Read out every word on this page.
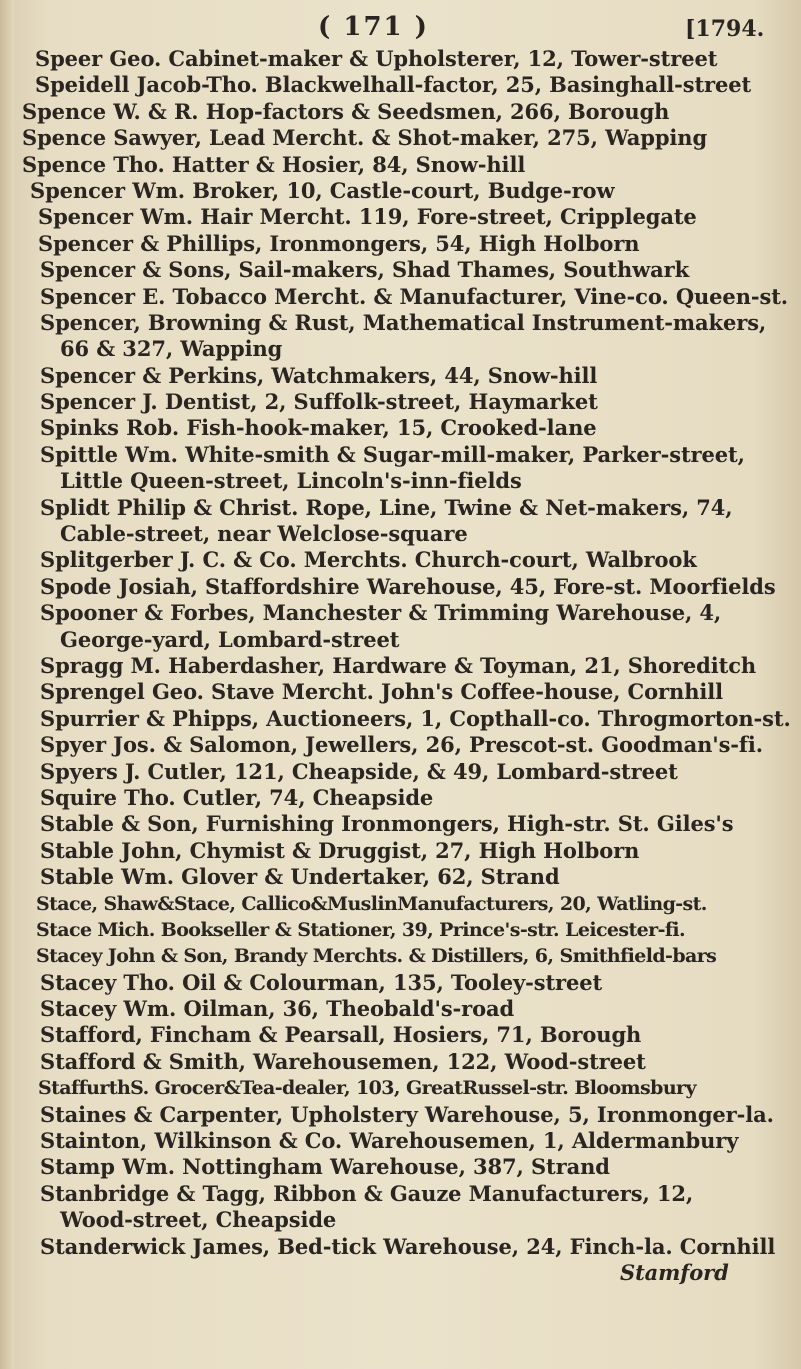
( 171 )	[1794.
Speer Geo. Cabinet-maker & Upholsterer, 12, Tower-street
Speidell Jacob-Tho. Blackwelhall-factor, 25, Basinghall-street
Spence W. & R. Hop-factors & Seedsmen, 266, Borough
Spence Sawyer, Lead Mercht. & Shot-maker, 275, Wapping
Spence Tho. Hatter & Hosier, 84, Snow-hill
Spencer Wm. Broker, 10, Castle-court, Budge-row
Spencer Wm. Hair Mercht. 119, Fore-street, Cripplegate
Spencer & Phillips, Ironmongers, 54, High Holborn
Spencer & Sons, Sail-makers, Shad Thames, Southwark
Spencer E. Tobacco Mercht. & Manufacturer, Vine-co. Queen-st.
Spencer, Browning & Rust, Mathematical Instrument-makers,
66 & 327, Wapping
Spencer & Perkins, Watchmakers, 44, Snow-hill
Spencer J. Dentist, 2, Suffolk-street, Haymarket
Spinks Rob. Fish-hook-maker, 15, Crooked-lane
Spittle Wm. White-smith & Sugar-mill-maker, Parker-street,
Little Queen-street, Lincoln's-inn-fields
Splidt Philip & Christ. Rope, Line, Twine & Net-makers, 74,
Cable-street, near Welclose-square
Splitgerber J. C. & Co. Merchts. Church-court, Walbrook
Spode Josiah, Staffordshire Warehouse, 45, Fore-st. Moorfields
Spooner & Forbes, Manchester & Trimming Warehouse, 4,
George-yard, Lombard-street
Spragg M. Haberdasher, Hardware & Toyman, 21, Shoreditch
Sprengel Geo. Stave Mercht. John's Coffee-house, Cornhill
Spurrier & Phipps, Auctioneers, 1, Copthall-co. Throgmorton-st.
Spyer Jos. & Salomon, Jewellers, 26, Prescot-st. Goodman's-fi.
Spyers J. Cutler, 121, Cheapside, & 49, Lombard-street
Squire Tho. Cutler, 74, Cheapside
Stable & Son, Furnishing Ironmongers, High-str. St. Giles's
Stable John, Chymist & Druggist, 27, High Holborn
Stable Wm. Glover & Undertaker, 62, Strand
Stace, Shaw&Stace, Callico&MuslinManufacturers, 20, Watling-st.
Stace Mich. Bookseller & Stationer, 39, Prince's-str. Leicester-fi.
Stacey John & Son, Brandy Merchts. & Distillers, 6, Smithfield-bars
Stacey Tho. Oil & Colourman, 135, Tooley-street
Stacey Wm. Oilman, 36, Theobald's-road
Stafford, Fincham & Pearsall, Hosiers, 71, Borough
Stafford & Smith, Warehousemen, 122, Wood-street
StaffurthS. Grocer&Tea-dealer, 103, GreatRussel-str. Bloomsbury
Staines & Carpenter, Upholstery Warehouse, 5, Ironmonger-la.
Stainton, Wilkinson & Co. Warehousemen, 1, Aldermanbury
Stamp Wm. Nottingham Warehouse, 387, Strand
Stanbridge & Tagg, Ribbon & Gauze Manufacturers, 12,
Wood-street, Cheapside
Standerwick James, Bed-tick Warehouse, 24, Finch-la. Cornhill
Stamford
